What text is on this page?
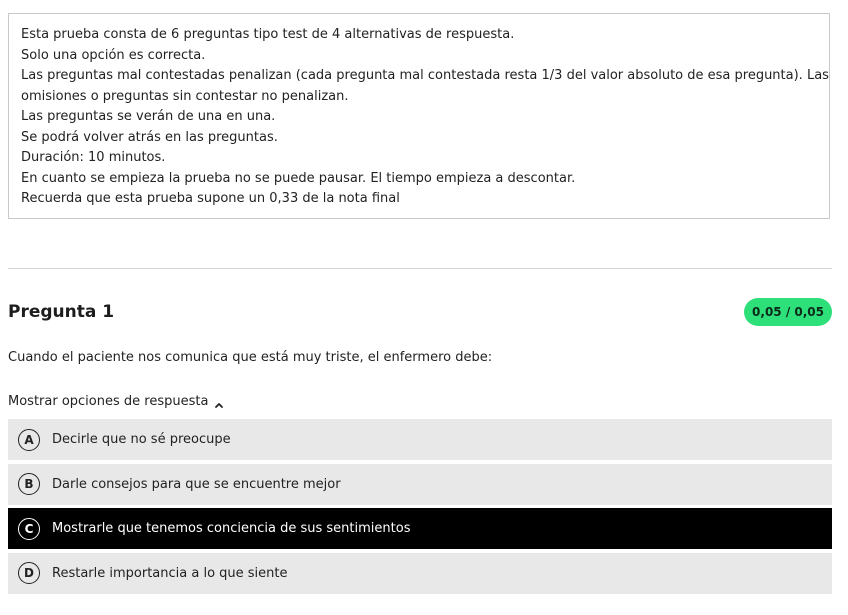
Esta prueba consta de 6 preguntas tipo test de 4 alternativas de respuesta.
Solo una opción es correcta.
Las preguntas mal contestadas penalizan (cada pregunta mal contestada resta 1/3 del valor absoluto de esa pregunta). Las
omisiones o preguntas sin contestar no penalizan.
Las preguntas se verán de una en una.
Se podrá volver atrás en las preguntas.
Duración: 10 minutos.
En cuanto se empieza la prueba no se puede pausar. El tiempo empieza a descontar.
Recuerda que esta prueba supone un 0,33 de la nota final
Pregunta 1	0,05 / 0,05
Cuando el paciente nos comunica que está muy triste, el enfermero debe:
Mostrar opciones de respuesta
A	Decirle que no sé preocupe
B	Darle consejos para que se encuentre mejor
C	Mostrarle que tenemos conciencia de sus sentimientos
D	Restarle importancia a lo que siente
